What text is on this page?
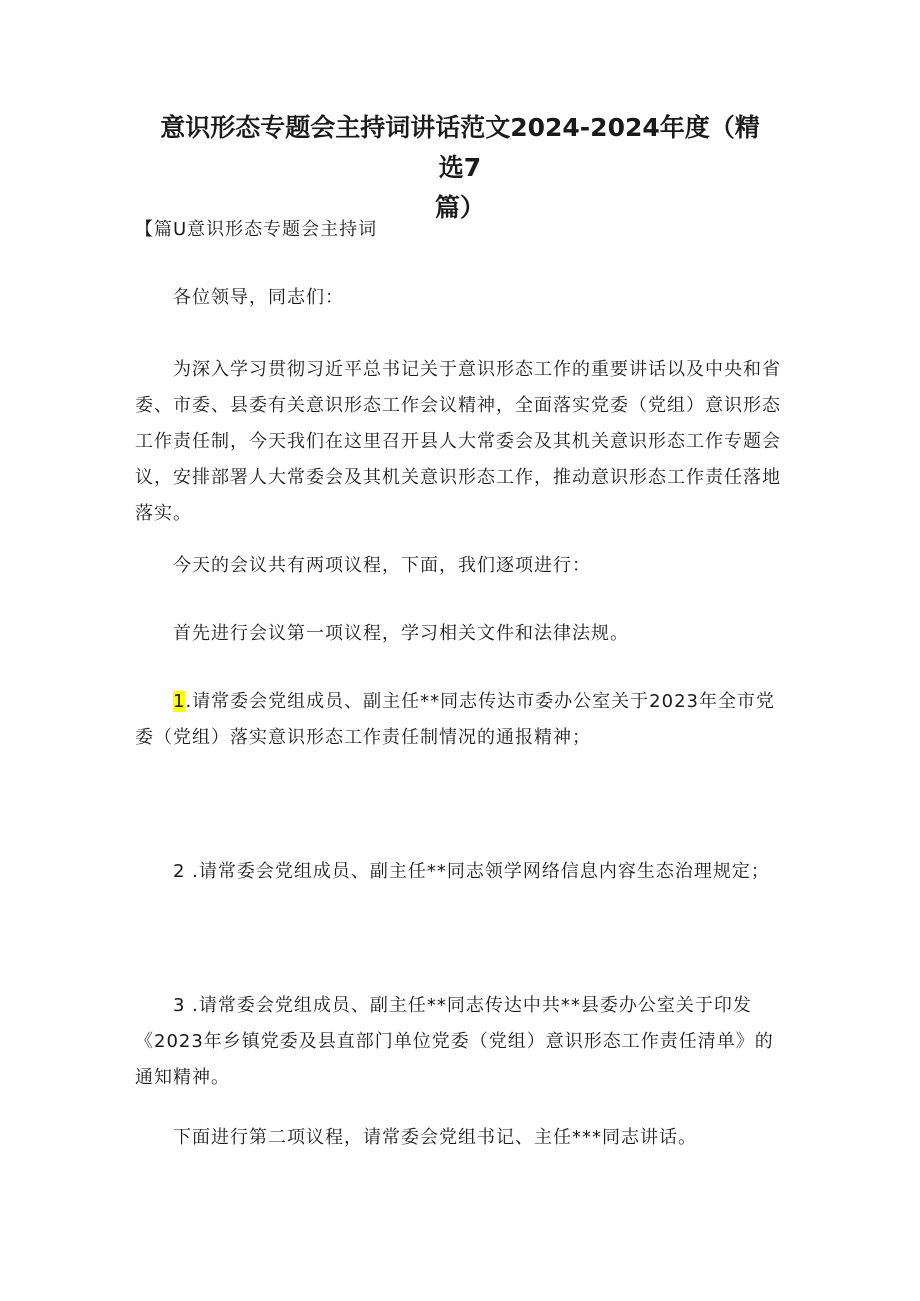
意识形态专题会主持词讲话范文2024-2024年度（精选7
篇）
【篇U意识形态专题会主持词
各位领导，同志们：
为深入学习贯彻习近平总书记关于意识形态工作的重要讲话以及中央和省委、市委、县委有关意识形态工作会议精神，全面落实党委（党组）意识形态工作责任制，今天我们在这里召开县人大常委会及其机关意识形态工作专题会议，安排部署人大常委会及其机关意识形态工作，推动意识形态工作责任落地落实。
今天的会议共有两项议程，下面，我们逐项进行：
首先进行会议第一项议程，学习相关文件和法律法规。
1.请常委会党组成员、副主任**同志传达市委办公室关于2023年全市党委（党组）落实意识形态工作责任制情况的通报精神；
2 .请常委会党组成员、副主任**同志领学网络信息内容生态治理规定；
3 .请常委会党组成员、副主任**同志传达中共**县委办公室关于印发《2023年乡镇党委及县直部门单位党委（党组）意识形态工作责任清单》的通知精神。
下面进行第二项议程，请常委会党组书记、主任***同志讲话。
